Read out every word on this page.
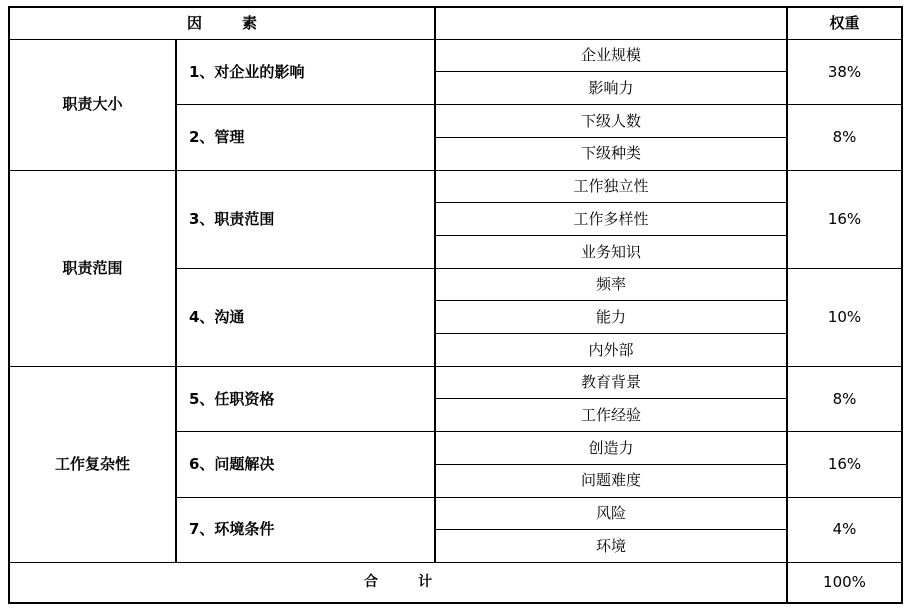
因 素			权重
职责大小	1、对企业的影响	企业规模	38%
		影响力	
	2、管理	下级人数	8%
		下级种类	
职责范围	3、职责范围	工作独立性	16%
		工作多样性	
		业务知识	
	4、沟通	频率	10%
		能力	
		内外部	
工作复杂性	5、任职资格	教育背景	8%
		工作经验	
	6、问题解决	创造力	16%
		问题难度	
	7、环境条件	风险	4%
		环境	
合 计			100%
